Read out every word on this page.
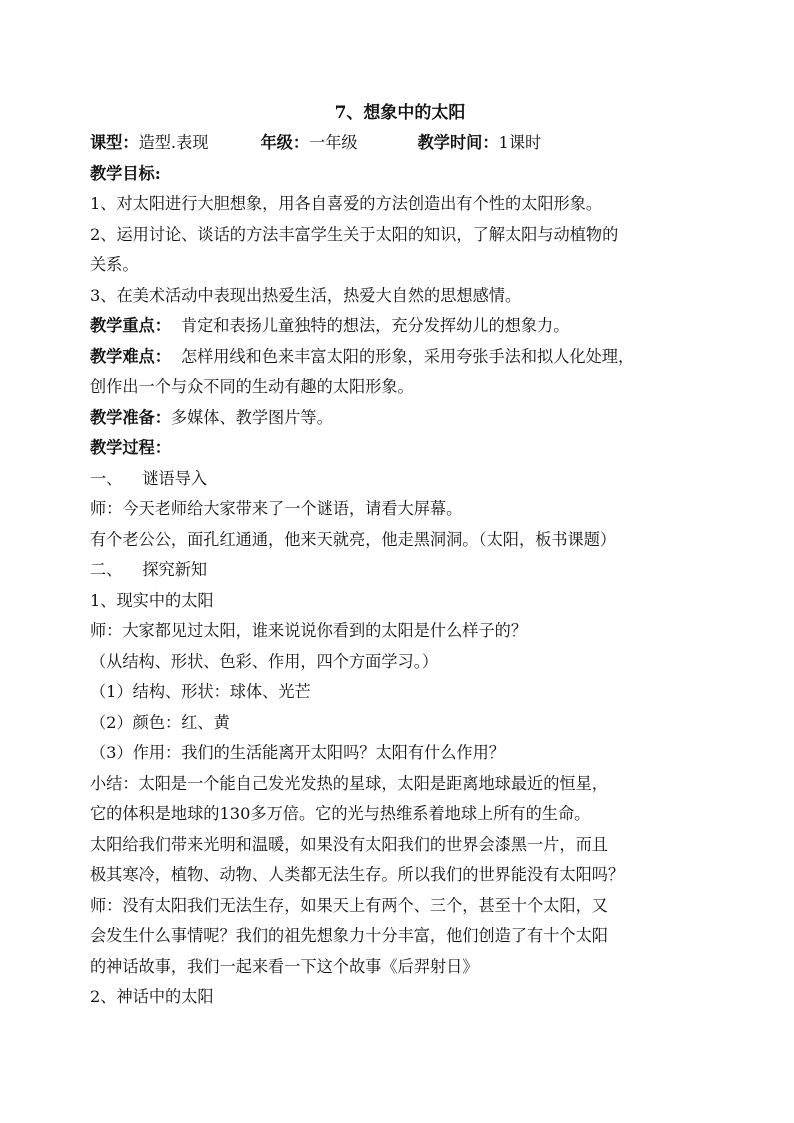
7、想象中的太阳

课型：造型.表现	年级：一年级	教学时间：1课时

教学目标:

1、对太阳进行大胆想象，用各自喜爱的方法创造出有个性的太阳形象。

2、运用讨论、谈话的方法丰富学生关于太阳的知识，了解太阳与动植物的

关系。

3、在美术活动中表现出热爱生活，热爱大自然的思想感情。

教学重点： 肯定和表扬儿童独特的想法，充分发挥幼儿的想象力。

教学难点： 怎样用线和色来丰富太阳的形象，采用夸张手法和拟人化处理，

创作出一个与众不同的生动有趣的太阳形象。

教学准备：多媒体、教学图片等。

教学过程：

一、 谜语导入

师：今天老师给大家带来了一个谜语，请看大屏幕。

有个老公公，面孔红通通，他来天就亮，他走黑洞洞。（太阳，板书课题）

二、 探究新知

1、现实中的太阳

师：大家都见过太阳，谁来说说你看到的太阳是什么样子的？

（从结构、形状、色彩、作用，四个方面学习。）

（1）结构、形状：球体、光芒

（2）颜色：红、黄

（3）作用：我们的生活能离开太阳吗？太阳有什么作用？

小结：太阳是一个能自己发光发热的星球，太阳是距离地球最近的恒星，

它的体积是地球的130多万倍。它的光与热维系着地球上所有的生命。

太阳给我们带来光明和温暖，如果没有太阳我们的世界会漆黑一片，而且

极其寒冷，植物、动物、人类都无法生存。所以我们的世界能没有太阳吗？

师：没有太阳我们无法生存，如果天上有两个、三个，甚至十个太阳，又

会发生什么事情呢？我们的祖先想象力十分丰富，他们创造了有十个太阳

的神话故事，我们一起来看一下这个故事《后羿射日》

2、神话中的太阳
